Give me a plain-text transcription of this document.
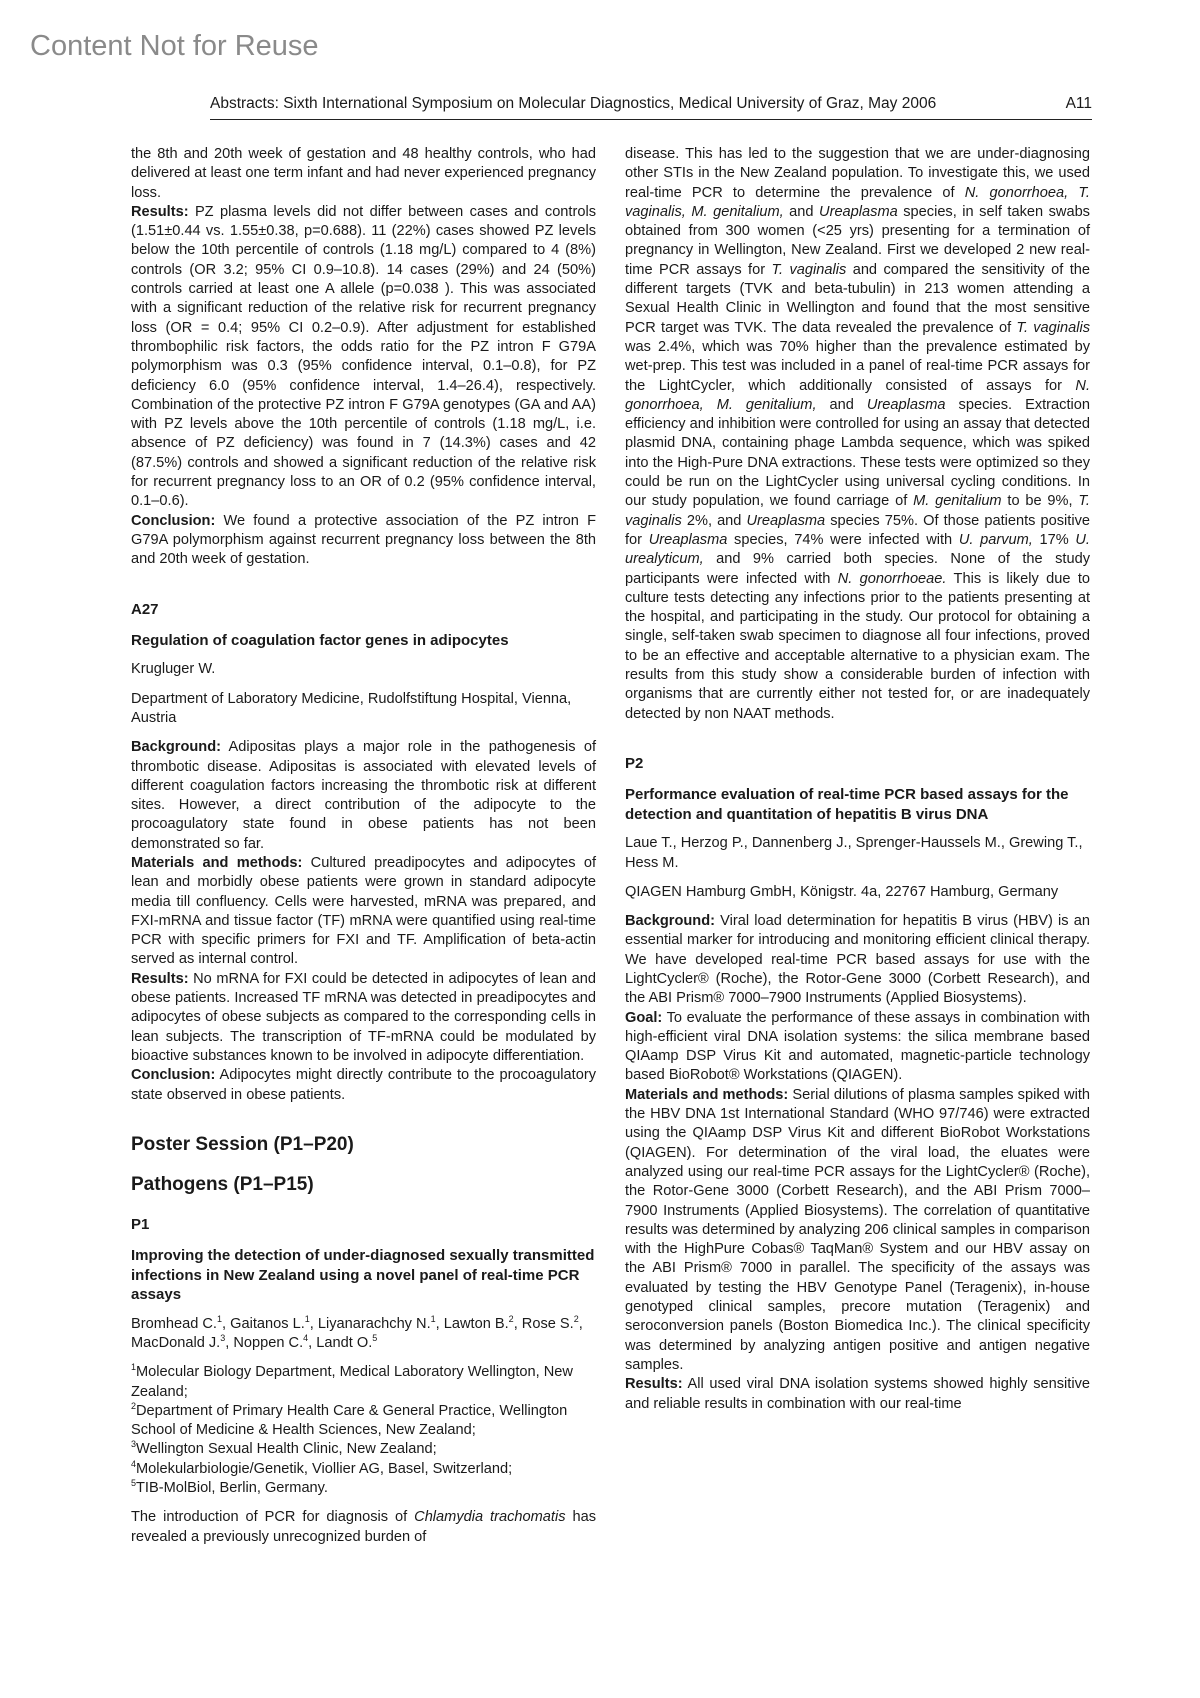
Content Not for Reuse
Abstracts: Sixth International Symposium on Molecular Diagnostics, Medical University of Graz, May 2006	A11

the 8th and 20th week of gestation and 48 healthy controls, who had delivered at least one term infant and had never experienced pregnancy loss.

Results: PZ plasma levels did not differ between cases and controls (1.51±0.44 vs. 1.55±0.38, p=0.688). 11 (22%) cases showed PZ levels below the 10th percentile of controls (1.18 mg/L) compared to 4 (8%) controls (OR 3.2; 95% CI 0.9–10.8). 14 cases (29%) and 24 (50%) controls carried at least one A allele (p=0.038 ). This was associated with a significant reduction of the relative risk for recurrent pregnancy loss (OR = 0.4; 95% CI 0.2–0.9). After adjustment for established thrombophilic risk factors, the odds ratio for the PZ intron F G79A polymorphism was 0.3 (95% confidence interval, 0.1–0.8), for PZ deficiency 6.0 (95% confidence interval, 1.4–26.4), respectively. Combination of the protective PZ intron F G79A genotypes (GA and AA) with PZ levels above the 10th percentile of controls (1.18 mg/L, i.e. absence of PZ deficiency) was found in 7 (14.3%) cases and 42 (87.5%) controls and showed a significant reduction of the relative risk for recurrent pregnancy loss to an OR of 0.2 (95% confidence interval, 0.1–0.6).

Conclusion: We found a protective association of the PZ intron F G79A polymorphism against recurrent pregnancy loss between the 8th and 20th week of gestation.

A27

Regulation of coagulation factor genes in adipocytes

Krugluger W.

Department of Laboratory Medicine, Rudolfstiftung Hospital, Vienna, Austria

Background: Adipositas plays a major role in the pathogenesis of thrombotic disease. Adipositas is associated with elevated levels of different coagulation factors increasing the thrombotic risk at different sites. However, a direct contribution of the adipocyte to the procoagulatory state found in obese patients has not been demonstrated so far.

Materials and methods: Cultured preadipocytes and adipocytes of lean and morbidly obese patients were grown in standard adipocyte media till confluency. Cells were harvested, mRNA was prepared, and FXI-mRNA and tissue factor (TF) mRNA were quantified using real-time PCR with specific primers for FXI and TF. Amplification of beta-actin served as internal control.

Results: No mRNA for FXI could be detected in adipocytes of lean and obese patients. Increased TF mRNA was detected in preadipocytes and adipocytes of obese subjects as compared to the corresponding cells in lean subjects. The transcription of TF-mRNA could be modulated by bioactive substances known to be involved in adipocyte differentiation.

Conclusion: Adipocytes might directly contribute to the procoagulatory state observed in obese patients.

Poster Session (P1–P20)

Pathogens (P1–P15)

P1

Improving the detection of under-diagnosed sexually transmitted infections in New Zealand using a novel panel of real-time PCR assays

Bromhead C.$^1$, Gaitanos L.$^1$, Liyanarachchy N.$^1$, Lawton B.$^2$, Rose S.$^2$, MacDonald J.$^3$, Noppen C.$^4$, Landt O.$^5$

$^1$Molecular Biology Department, Medical Laboratory Wellington, New Zealand;

$^2$Department of Primary Health Care & General Practice, Wellington School of Medicine & Health Sciences, New Zealand;

$^3$Wellington Sexual Health Clinic, New Zealand;

$^4$Molekularbiologie/Genetik, Viollier AG, Basel, Switzerland;

$^5$TIB-MolBiol, Berlin, Germany.

The introduction of PCR for diagnosis of Chlamydia trachomatis has revealed a previously unrecognized burden of

disease. This has led to the suggestion that we are under-diagnosing other STIs in the New Zealand population. To investigate this, we used real-time PCR to determine the prevalence of N. gonorrhoea, T. vaginalis, M. genitalium, and Ureaplasma species, in self taken swabs obtained from 300 women (<25 yrs) presenting for a termination of pregnancy in Wellington, New Zealand. First we developed 2 new real-time PCR assays for T. vaginalis and compared the sensitivity of the different targets (TVK and beta-tubulin) in 213 women attending a Sexual Health Clinic in Wellington and found that the most sensitive PCR target was TVK. The data revealed the prevalence of T. vaginalis was 2.4%, which was 70% higher than the prevalence estimated by wet-prep. This test was included in a panel of real-time PCR assays for the LightCycler, which additionally consisted of assays for N. gonorrhoea, M. genitalium, and Ureaplasma species. Extraction efficiency and inhibition were controlled for using an assay that detected plasmid DNA, containing phage Lambda sequence, which was spiked into the High-Pure DNA extractions. These tests were optimized so they could be run on the LightCycler using universal cycling conditions. In our study population, we found carriage of M. genitalium to be 9%, T. vaginalis 2%, and Ureaplasma species 75%. Of those patients positive for Ureaplasma species, 74% were infected with U. parvum, 17% U. urealyticum, and 9% carried both species. None of the study participants were infected with N. gonorrhoeae. This is likely due to culture tests detecting any infections prior to the patients presenting at the hospital, and participating in the study. Our protocol for obtaining a single, self-taken swab specimen to diagnose all four infections, proved to be an effective and acceptable alternative to a physician exam. The results from this study show a considerable burden of infection with organisms that are currently either not tested for, or are inadequately detected by non NAAT methods.

P2

Performance evaluation of real-time PCR based assays for the detection and quantitation of hepatitis B virus DNA

Laue T., Herzog P., Dannenberg J., Sprenger-Haussels M., Grewing T., Hess M.

QIAGEN Hamburg GmbH, Königstr. 4a, 22767 Hamburg, Germany

Background: Viral load determination for hepatitis B virus (HBV) is an essential marker for introducing and monitoring efficient clinical therapy. We have developed real-time PCR based assays for use with the LightCycler® (Roche), the Rotor-Gene 3000 (Corbett Research), and the ABI Prism® 7000–7900 Instruments (Applied Biosystems).

Goal: To evaluate the performance of these assays in combination with high-efficient viral DNA isolation systems: the silica membrane based QIAamp DSP Virus Kit and automated, magnetic-particle technology based BioRobot® Workstations (QIAGEN).

Materials and methods: Serial dilutions of plasma samples spiked with the HBV DNA 1st International Standard (WHO 97/746) were extracted using the QIAamp DSP Virus Kit and different BioRobot Workstations (QIAGEN). For determination of the viral load, the eluates were analyzed using our real-time PCR assays for the LightCycler® (Roche), the Rotor-Gene 3000 (Corbett Research), and the ABI Prism 7000–7900 Instruments (Applied Biosystems). The correlation of quantitative results was determined by analyzing 206 clinical samples in comparison with the HighPure Cobas® TaqMan® System and our HBV assay on the ABI Prism® 7000 in parallel. The specificity of the assays was evaluated by testing the HBV Genotype Panel (Teragenix), in-house genotyped clinical samples, precore mutation (Teragenix) and seroconversion panels (Boston Biomedica Inc.). The clinical specificity was determined by analyzing antigen positive and antigen negative samples.

Results: All used viral DNA isolation systems showed highly sensitive and reliable results in combination with our real-time
